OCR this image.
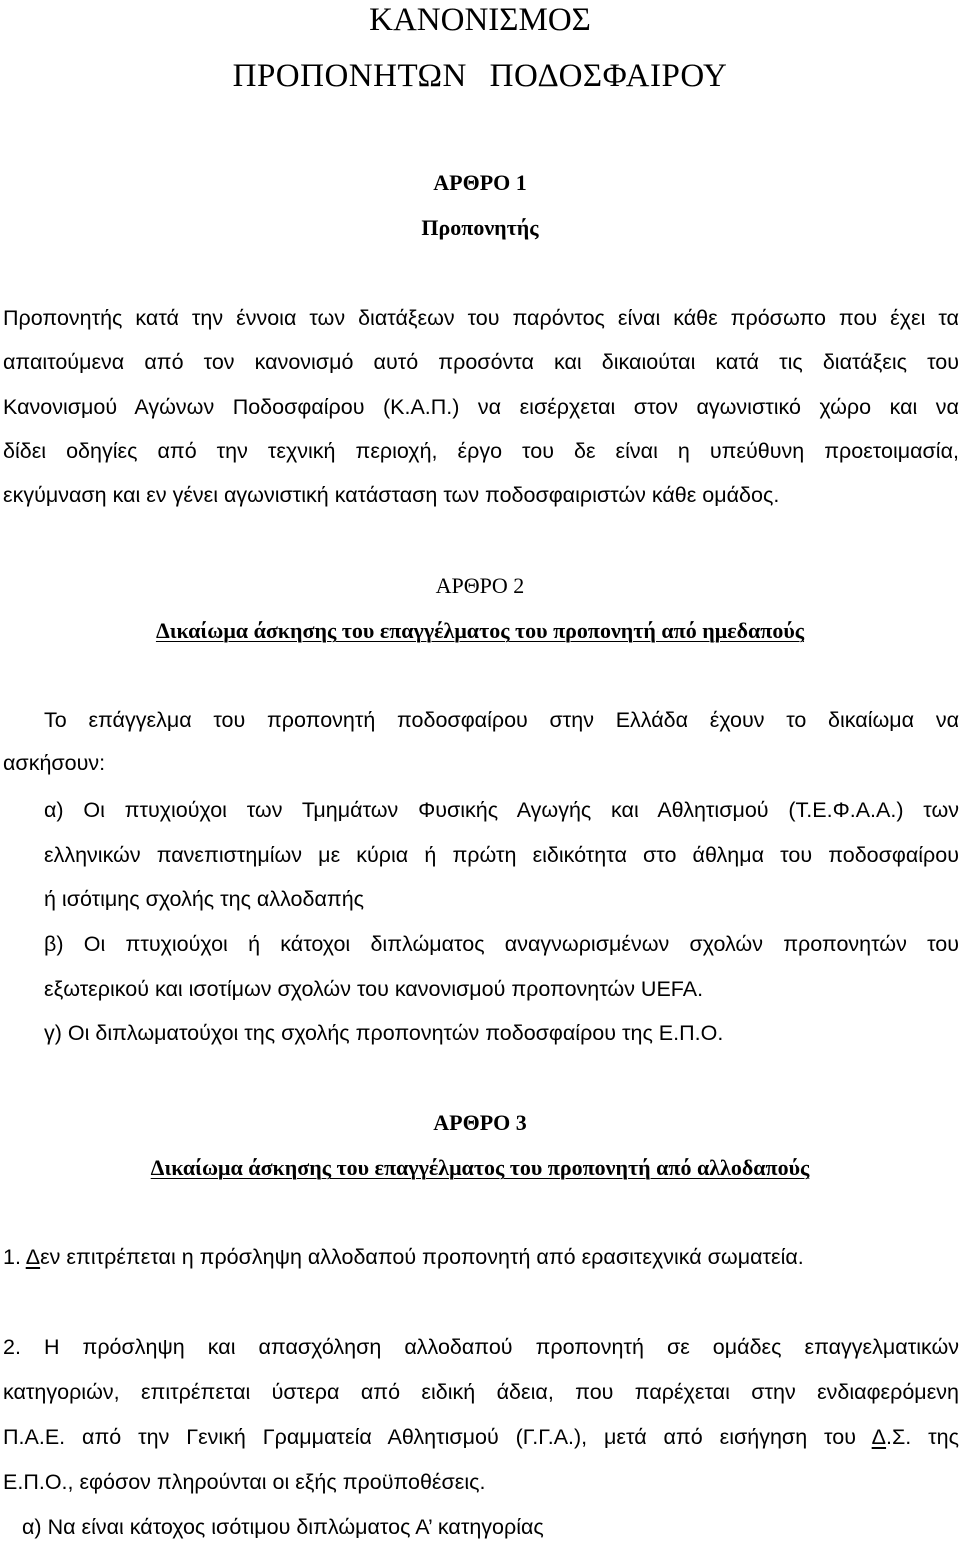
ΚΑΝΟΝΙΣΜΟΣ
ΠΡΟΠΟΝΗΤΩΝ ΠΟΔΟΣΦΑΙΡΟΥ
ΑΡΘΡΟ 1
Προπονητής
Προπονητής κατά την έννοια των διατάξεων του παρόντος είναι κάθε πρόσωπο που έχει τα
απαιτούμενα από τον κανονισμό αυτό προσόντα και δικαιούται κατά τις διατάξεις του
Κανονισμού Αγώνων Ποδοσφαίρου (Κ.Α.Π.) να εισέρχεται στον αγωνιστικό χώρο και να
δίδει οδηγίες από την τεχνική περιοχή, έργο του δε είναι η υπεύθυνη προετοιμασία,
εκγύμναση και εν γένει αγωνιστική κατάσταση των ποδοσφαιριστών κάθε ομάδος.
ΑΡΘΡΟ 2
Δικαίωμα άσκησης του επαγγέλματος του προπονητή από ημεδαπούς
Το επάγγελμα του προπονητή ποδοσφαίρου στην Ελλάδα έχουν το δικαίωμα να
ασκήσουν:
α) Οι πτυχιούχοι των Τμημάτων Φυσικής Αγωγής και Αθλητισμού (Τ.Ε.Φ.Α.Α.) των
ελληνικών πανεπιστημίων με κύρια ή πρώτη ειδικότητα στο άθλημα του ποδοσφαίρου
ή ισότιμης σχολής της αλλοδαπής
β) Οι πτυχιούχοι ή κάτοχοι διπλώματος αναγνωρισμένων σχολών προπονητών του
εξωτερικού και ισοτίμων σχολών του κανονισμού προπονητών UEFA.
γ) Οι διπλωματούχοι της σχολής προπονητών ποδοσφαίρου της Ε.Π.Ο.
ΑΡΘΡΟ 3
Δικαίωμα άσκησης του επαγγέλματος του προπονητή από αλλοδαπούς
1. Δεν επιτρέπεται η πρόσληψη αλλοδαπού προπονητή από ερασιτεχνικά σωματεία.
2. Η πρόσληψη και απασχόληση αλλοδαπού προπονητή σε ομάδες επαγγελματικών
κατηγοριών, επιτρέπεται ύστερα από ειδική άδεια, που παρέχεται στην ενδιαφερόμενη
Π.Α.Ε. από την Γενική Γραμματεία Αθλητισμού (Γ.Γ.Α.), μετά από εισήγηση του Δ.Σ. της
Ε.Π.Ο., εφόσον πληρούνται οι εξής προϋποθέσεις.
α) Να είναι κάτοχος ισότιμου διπλώματος Α’ κατηγορίας
